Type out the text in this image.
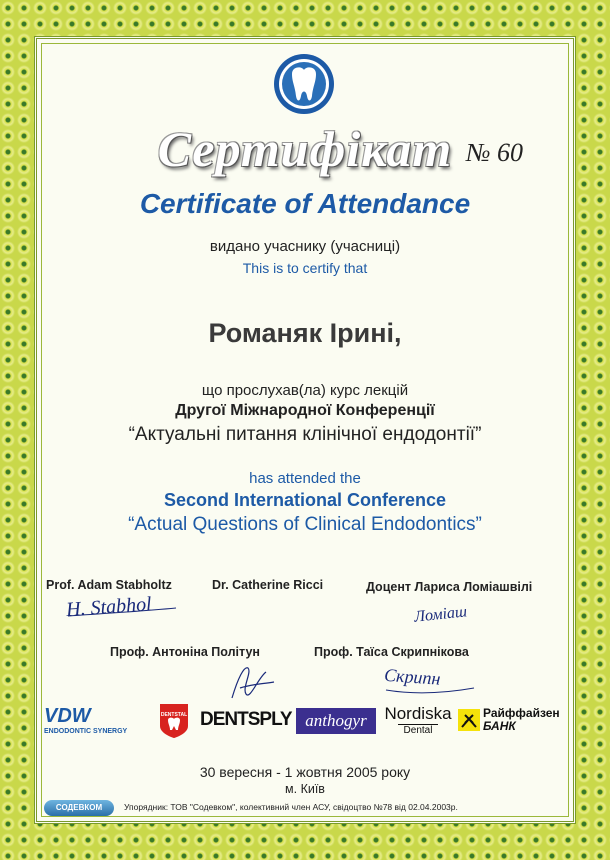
Сертифікат № 60
Certificate of Attendance
видано учаснику (учасниці)
This is to certify that
Романяк Ірині,
що прослухав(ла) курс лекцій
Другої Міжнародної Конференції
“Актуальні питання клінічної ендодонтії”
has attended the
Second International Conference
“Actual Questions of Clinical Endodontics”
Prof. Adam Stabholtz	Dr. Catherine Ricci	Доцент Лариса Ломіашвілі
Проф. Антоніна Політун	Проф. Таїса Скрипнікова
H. Stabhol	Ломіаш
Скрипн
VDW
ENDODONTIC SYNERGY
DENTSTAL DENTSPLY anthogyr Nordiska
Dental
Райффайзен
БАНК
30 вересня - 1 жовтня 2005 року
м. Київ
СОДЕВКОМ	Упорядник: ТОВ "Содевком", колективний член АСУ, свідоцтво №78 від 02.04.2003р.
